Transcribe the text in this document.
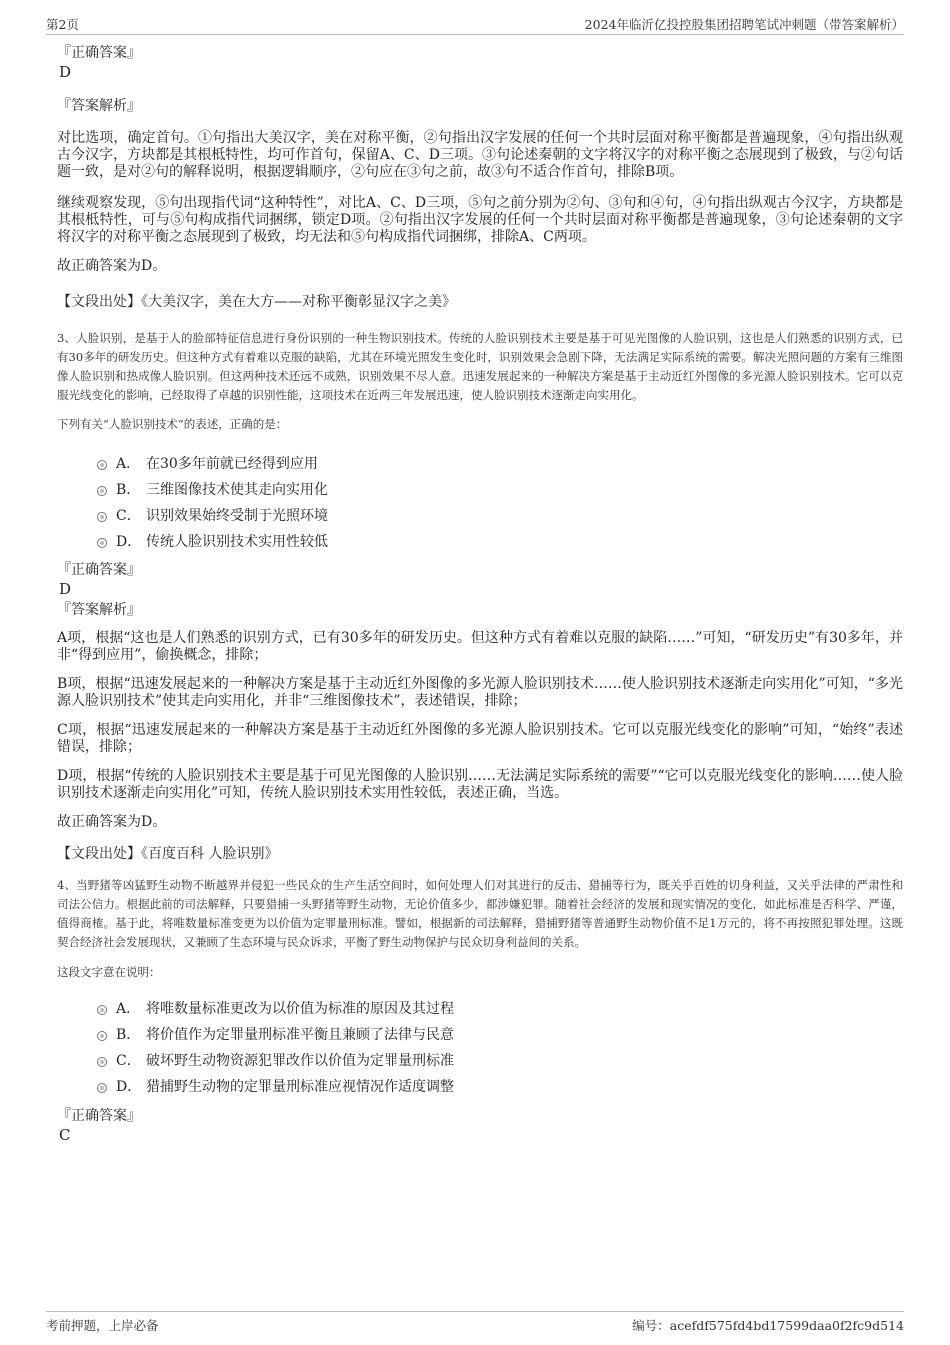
第2页	2024年临沂亿投控股集团招聘笔试冲刺题（带答案解析）

『正确答案』

D

『答案解析』

对比选项，确定首句。①句指出大美汉字，美在对称平衡，②句指出汉字发展的任何一个共时层面对称平衡都是普遍现象，④句指出纵观古今汉字，方块都是其根柢特性，均可作首句，保留A、C、D三项。③句论述秦朝的文字将汉字的对称平衡之态展现到了极致，与②句话题一致，是对②句的解释说明，根据逻辑顺序，②句应在③句之前，故③句不适合作首句，排除B项。

继续观察发现，⑤句出现指代词“这种特性”，对比A、C、D三项，⑤句之前分别为②句、③句和④句，④句指出纵观古今汉字，方块都是其根柢特性，可与⑤句构成指代词捆绑，锁定D项。②句指出汉字发展的任何一个共时层面对称平衡都是普遍现象，③句论述秦朝的文字将汉字的对称平衡之态展现到了极致，均无法和⑤句构成指代词捆绑，排除A、C两项。

故正确答案为D。

【文段出处】《大美汉字，美在大方——对称平衡彰显汉字之美》

3、人脸识别，是基于人的脸部特征信息进行身份识别的一种生物识别技术。传统的人脸识别技术主要是基于可见光图像的人脸识别，这也是人们熟悉的识别方式，已有30多年的研发历史。但这种方式有着难以克服的缺陷，尤其在环境光照发生变化时，识别效果会急剧下降，无法满足实际系统的需要。解决光照问题的方案有三维图像人脸识别和热成像人脸识别。但这两种技术还远不成熟，识别效果不尽人意。迅速发展起来的一种解决方案是基于主动近红外图像的多光源人脸识别技术。它可以克服光线变化的影响，已经取得了卓越的识别性能，这项技术在近两三年发展迅速，使人脸识别技术逐渐走向实用化。

下列有关“人脸识别技术”的表述，正确的是：

A． 在30多年前就已经得到应用
B． 三维图像技术使其走向实用化
C． 识别效果始终受制于光照环境
D． 传统人脸识别技术实用性较低

『正确答案』

D

『答案解析』

A项，根据“这也是人们熟悉的识别方式，已有30多年的研发历史。但这种方式有着难以克服的缺陷……”可知，“研发历史”有30多年，并非“得到应用”，偷换概念，排除；

B项，根据“迅速发展起来的一种解决方案是基于主动近红外图像的多光源人脸识别技术……使人脸识别技术逐渐走向实用化”可知，“多光源人脸识别技术”使其走向实用化，并非“三维图像技术”，表述错误，排除；

C项，根据“迅速发展起来的一种解决方案是基于主动近红外图像的多光源人脸识别技术。它可以克服光线变化的影响”可知，“始终”表述错误，排除；

D项，根据“传统的人脸识别技术主要是基于可见光图像的人脸识别……无法满足实际系统的需要”“它可以克服光线变化的影响……使人脸识别技术逐渐走向实用化”可知，传统人脸识别技术实用性较低，表述正确，当选。

故正确答案为D。

【文段出处】《百度百科 人脸识别》

4、当野猪等凶猛野生动物不断越界并侵犯一些民众的生产生活空间时，如何处理人们对其进行的反击、猎捕等行为，既关乎百姓的切身利益，又关乎法律的严肃性和司法公信力。根据此前的司法解释，只要猎捕一头野猪等野生动物，无论价值多少，都涉嫌犯罪。随着社会经济的发展和现实情况的变化，如此标准是否科学、严谨，值得商榷。基于此，将唯数量标准变更为以价值为定罪量刑标准。譬如，根据新的司法解释，猎捕野猪等普通野生动物价值不足1万元的，将不再按照犯罪处理。这既契合经济社会发展现状，又兼顾了生态环境与民众诉求，平衡了野生动物保护与民众切身利益间的关系。

这段文字意在说明：

A． 将唯数量标准更改为以价值为标准的原因及其过程
B． 将价值作为定罪量刑标准平衡且兼顾了法律与民意
C． 破坏野生动物资源犯罪改作以价值为定罪量刑标准
D． 猎捕野生动物的定罪量刑标准应视情况作适度调整

『正确答案』

C

考前押题，上岸必备	编号：acefdf575fd4bd17599daa0f2fc9d514
